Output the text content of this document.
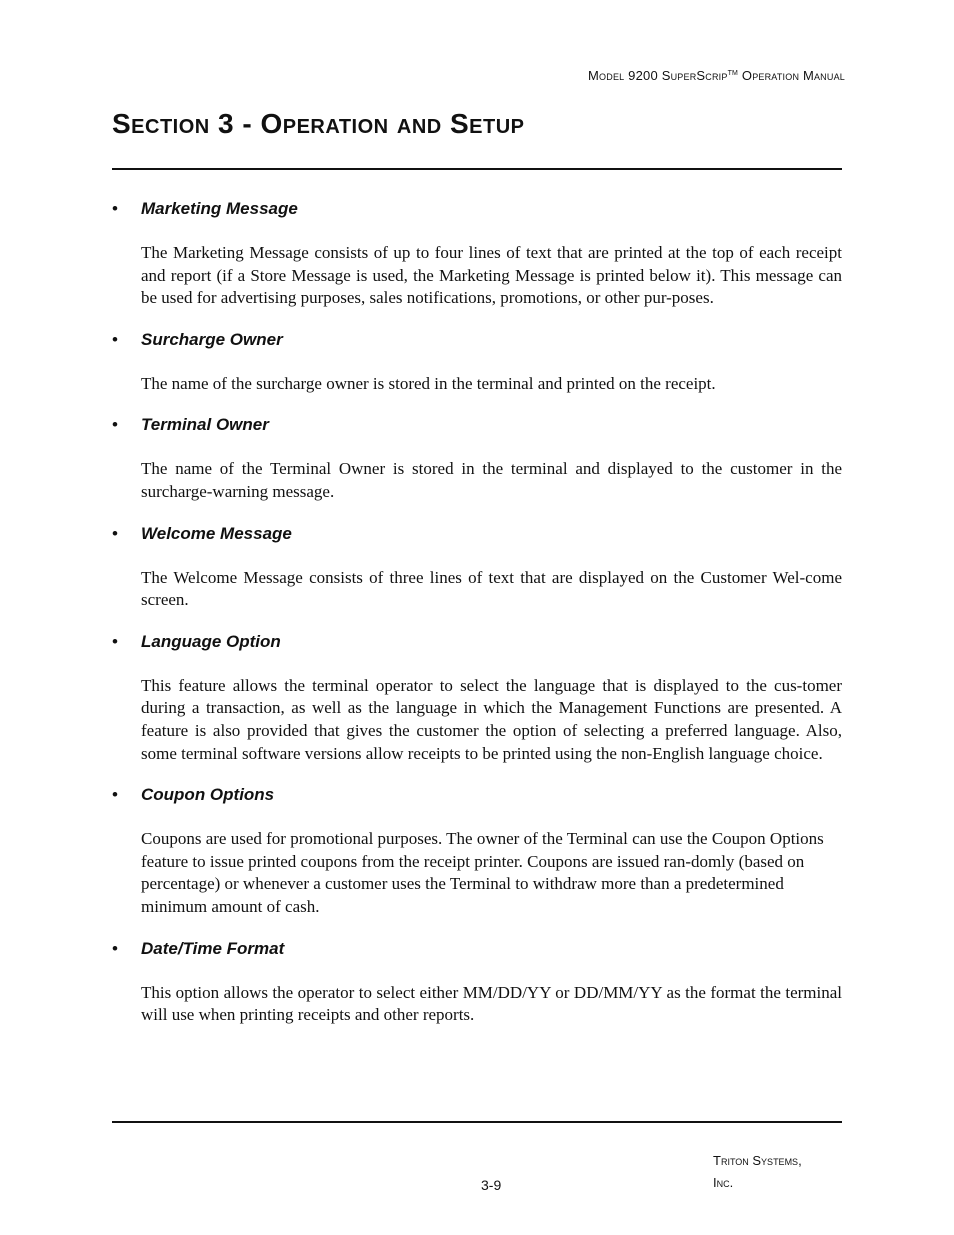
Model 9200 SuperScrip™ Operation Manual
Section 3 - Operation and Setup
• Marketing Message

The Marketing Message consists of up to four lines of text that are printed at the top of each receipt and report (if a Store Message is used, the Marketing Message is printed below it). This message can be used for advertising purposes, sales notifications, promotions, or other pur-poses.

• Surcharge Owner

The name of the surcharge owner is stored in the terminal and printed on the receipt.

• Terminal Owner

The name of the Terminal Owner is stored in the terminal and displayed to the customer in the surcharge-warning message.

• Welcome Message

The Welcome Message consists of three lines of text that are displayed on the Customer Wel-come screen.

• Language Option

This feature allows the terminal operator to select the language that is displayed to the cus-tomer during a transaction, as well as the language in which the Management Functions are presented. A feature is also provided that gives the customer the option of selecting a preferred language. Also, some terminal software versions allow receipts to be printed using the non-English language choice.

• Coupon Options

Coupons are used for promotional purposes. The owner of the Terminal can use the Coupon Options feature to issue printed coupons from the receipt printer. Coupons are issued ran-domly (based on percentage) or whenever a customer uses the Terminal to withdraw more than a predetermined minimum amount of cash.

• Date/Time Format

This option allows the operator to select either MM/DD/YY or DD/MM/YY as the format the terminal will use when printing receipts and other reports.

3-9
Triton Systems,
Inc.
